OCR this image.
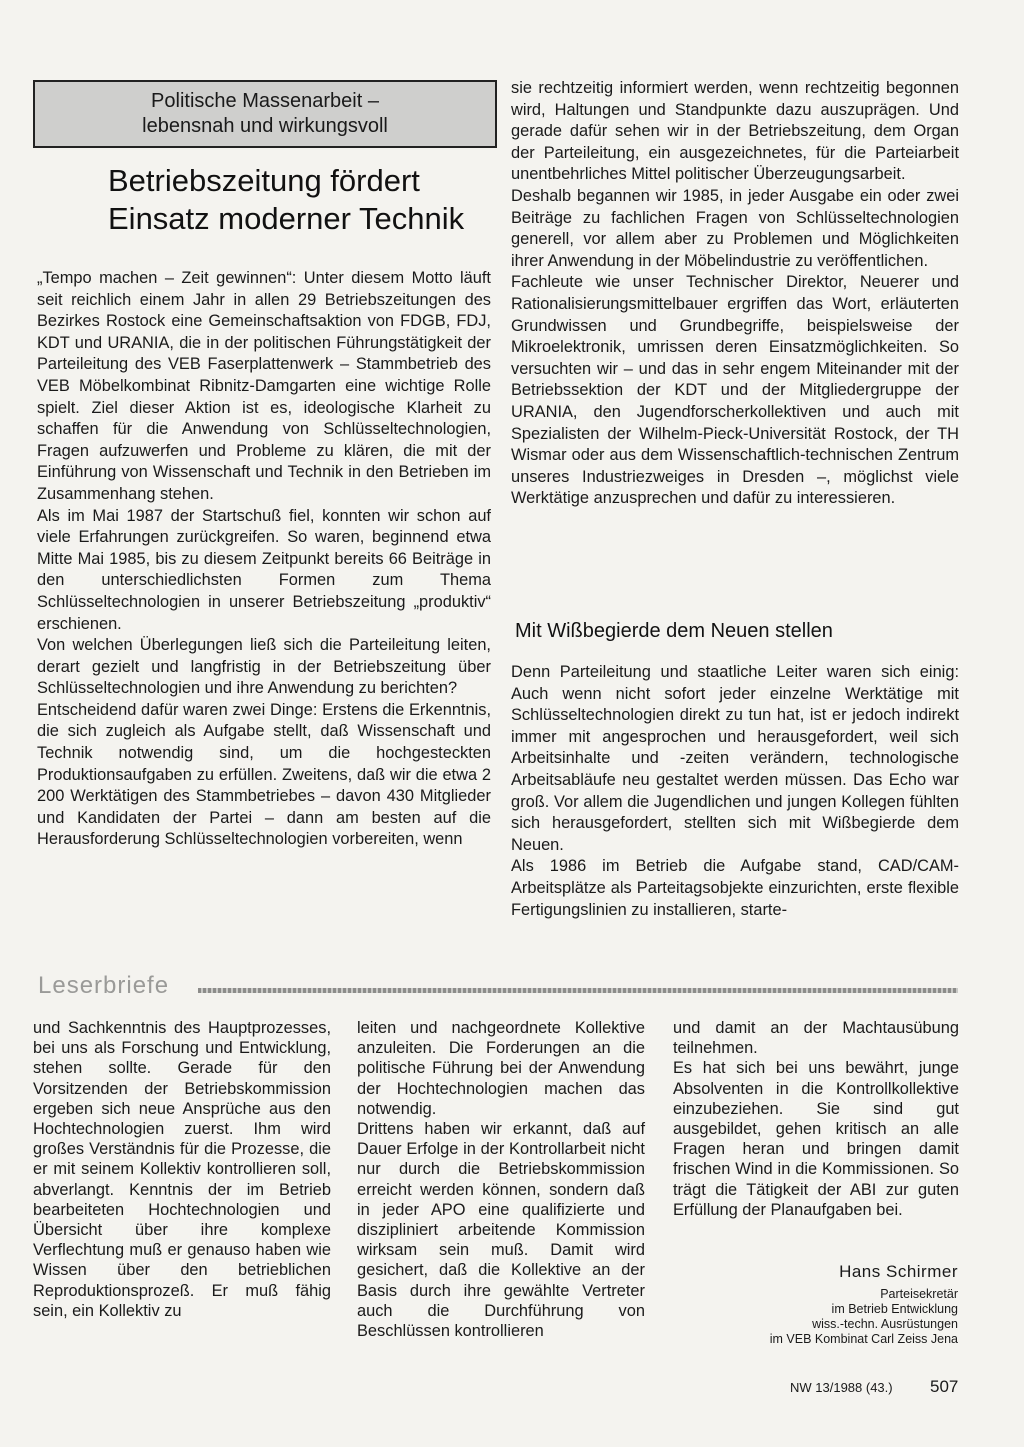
Politische Massenarbeit –
lebensnah und wirkungsvoll
Betriebszeitung fördert
Einsatz moderner Technik

„Tempo machen – Zeit gewinnen“: Unter diesem Motto läuft seit reichlich einem Jahr in allen 29 Betriebszeitungen des Bezirkes Rostock eine Gemeinschaftsaktion von FDGB, FDJ, KDT und URANIA, die in der politischen Führungstätigkeit der Parteileitung des VEB Faserplattenwerk – Stammbetrieb des VEB Möbelkombinat Ribnitz-Damgarten eine wichtige Rolle spielt. Ziel dieser Aktion ist es, ideologische Klarheit zu schaffen für die Anwendung von Schlüsseltechnologien, Fragen aufzuwerfen und Probleme zu klären, die mit der Einführung von Wissenschaft und Technik in den Betrieben im Zusammenhang stehen.

Als im Mai 1987 der Startschuß fiel, konnten wir schon auf viele Erfahrungen zurückgreifen. So waren, beginnend etwa Mitte Mai 1985, bis zu diesem Zeitpunkt bereits 66 Beiträge in den unterschiedlichsten Formen zum Thema Schlüsseltechnologien in unserer Betriebszeitung „produktiv“ erschienen.

Von welchen Überlegungen ließ sich die Parteileitung leiten, derart gezielt und langfristig in der Betriebszeitung über Schlüsseltechnologien und ihre Anwendung zu berichten?

Entscheidend dafür waren zwei Dinge: Erstens die Erkenntnis, die sich zugleich als Aufgabe stellt, daß Wissenschaft und Technik notwendig sind, um die hochgesteckten Produktionsaufgaben zu erfüllen. Zweitens, daß wir die etwa 2 200 Werktätigen des Stammbetriebes – davon 430 Mitglieder und Kandidaten der Partei – dann am besten auf die Herausforderung Schlüsseltechnologien vorbereiten, wenn

sie rechtzeitig informiert werden, wenn rechtzeitig begonnen wird, Haltungen und Standpunkte dazu auszuprägen. Und gerade dafür sehen wir in der Betriebszeitung, dem Organ der Parteileitung, ein ausgezeichnetes, für die Parteiarbeit unentbehrliches Mittel politischer Überzeugungsarbeit.

Deshalb begannen wir 1985, in jeder Ausgabe ein oder zwei Beiträge zu fachlichen Fragen von Schlüsseltechnologien generell, vor allem aber zu Problemen und Möglichkeiten ihrer Anwendung in der Möbelindustrie zu veröffentlichen.

Fachleute wie unser Technischer Direktor, Neuerer und Rationalisierungsmittelbauer ergriffen das Wort, erläuterten Grundwissen und Grundbegriffe, beispielsweise der Mikroelektronik, umrissen deren Einsatzmöglichkeiten. So versuchten wir – und das in sehr engem Miteinander mit der Betriebssektion der KDT und der Mitgliedergruppe der URANIA, den Jugendforscherkollektiven und auch mit Spezialisten der Wilhelm-Pieck-Universität Rostock, der TH Wismar oder aus dem Wissenschaftlich-technischen Zentrum unseres Industriezweiges in Dresden –, möglichst viele Werktätige anzusprechen und dafür zu interessieren.

Mit Wißbegierde dem Neuen stellen

Denn Parteileitung und staatliche Leiter waren sich einig: Auch wenn nicht sofort jeder einzelne Werktätige mit Schlüsseltechnologien direkt zu tun hat, ist er jedoch indirekt immer mit angesprochen und herausgefordert, weil sich Arbeitsinhalte und -zeiten verändern, technologische Arbeitsabläufe neu gestaltet werden müssen. Das Echo war groß. Vor allem die Jugendlichen und jungen Kollegen fühlten sich herausgefordert, stellten sich mit Wißbegierde dem Neuen.

Als 1986 im Betrieb die Aufgabe stand, CAD/CAM-Arbeitsplätze als Parteitagsobjekte einzurichten, erste flexible Fertigungslinien zu installieren, starte-

Leserbriefe

und Sachkenntnis des Hauptprozesses, bei uns als Forschung und Entwicklung, stehen sollte. Gerade für den Vorsitzenden der Betriebskommission ergeben sich neue Ansprüche aus den Hochtechnologien zuerst. Ihm wird großes Verständnis für die Prozesse, die er mit seinem Kollektiv kontrollieren soll, abverlangt. Kenntnis der im Betrieb bearbeiteten Hochtechnologien und Übersicht über ihre komplexe Verflechtung muß er genauso haben wie Wissen über den betrieblichen Reproduktionsprozeß. Er muß fähig sein, ein Kollektiv zu

leiten und nachgeordnete Kollektive anzuleiten. Die Forderungen an die politische Führung bei der Anwendung der Hochtechnologien machen das notwendig.

Drittens haben wir erkannt, daß auf Dauer Erfolge in der Kontrollarbeit nicht nur durch die Betriebskommission erreicht werden können, sondern daß in jeder APO eine qualifizierte und diszipliniert arbeitende Kommission wirksam sein muß. Damit wird gesichert, daß die Kollektive an der Basis durch ihre gewählte Vertreter auch die Durchführung von Beschlüssen kontrollieren

und damit an der Machtausübung teilnehmen.

Es hat sich bei uns bewährt, junge Absolventen in die Kontrollkollektive einzubeziehen. Sie sind gut ausgebildet, gehen kritisch an alle Fragen heran und bringen damit frischen Wind in die Kommissionen. So trägt die Tätigkeit der ABI zur guten Erfüllung der Planaufgaben bei.

Hans Schirmer
Parteisekretär
im Betrieb Entwicklung
wiss.-techn. Ausrüstungen
im VEB Kombinat Carl Zeiss Jena
NW 13/1988 (43.) 507
